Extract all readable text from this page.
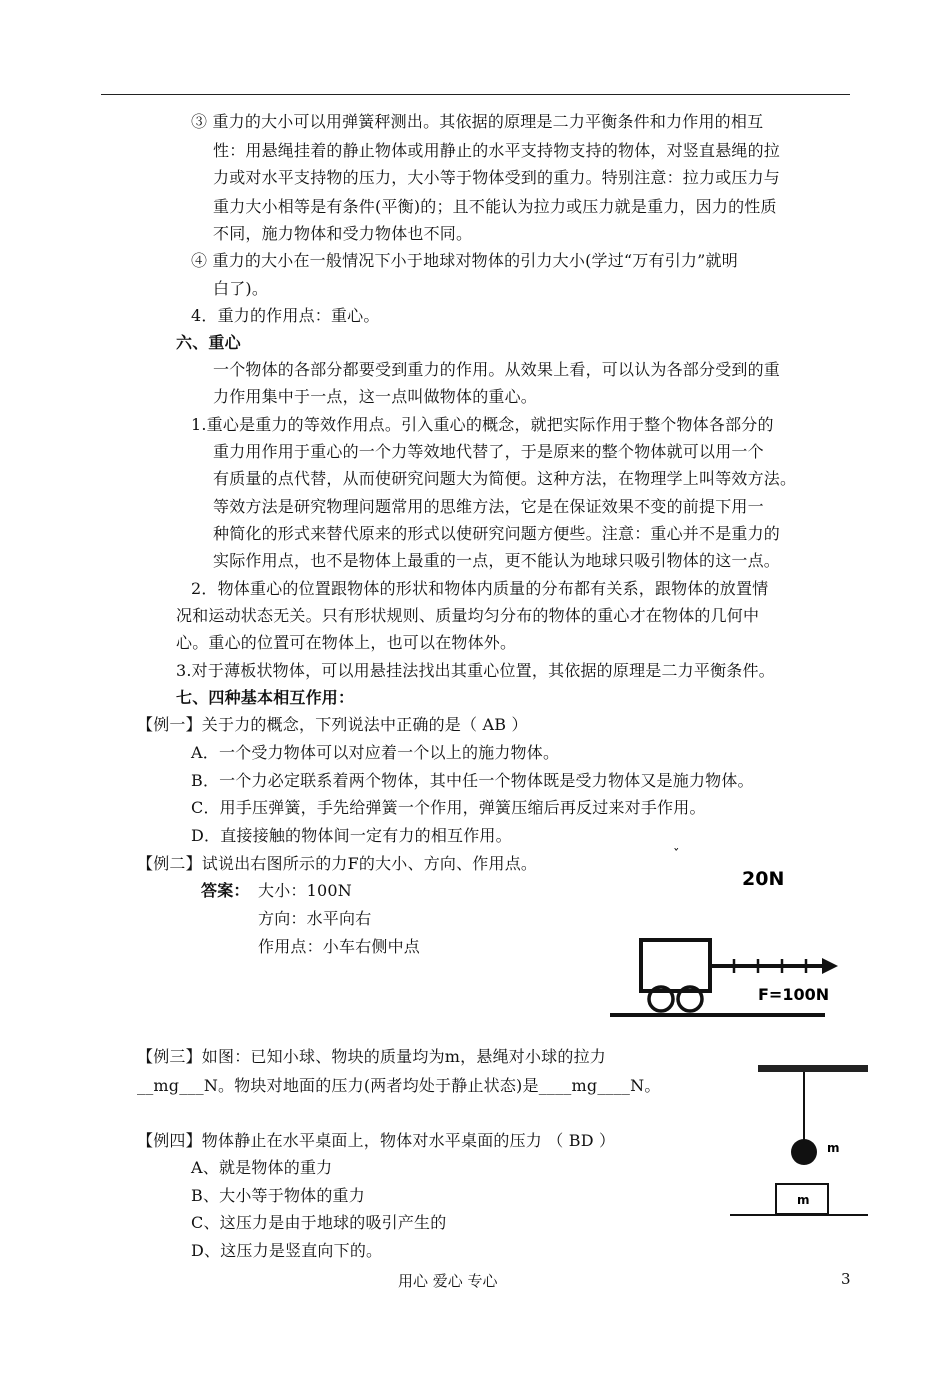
③ 重力的大小可以用弹簧秤测出。其依据的原理是二力平衡条件和力作用的相互
性：用悬绳挂着的静止物体或用静止的水平支持物支持的物体，对竖直悬绳的拉
力或对水平支持物的压力，大小等于物体受到的重力。特别注意：拉力或压力与
重力大小相等是有条件(平衡)的；且不能认为拉力或压力就是重力，因力的性质
不同，施力物体和受力物体也不同。
④ 重力的大小在一般情况下小于地球对物体的引力大小(学过“万有引力”就明
白了)。
4．重力的作用点：重心。
六、重心
一个物体的各部分都要受到重力的作用。从效果上看，可以认为各部分受到的重
力作用集中于一点，这一点叫做物体的重心。
1.重心是重力的等效作用点。引入重心的概念，就把实际作用于整个物体各部分的
重力用作用于重心的一个力等效地代替了，于是原来的整个物体就可以用一个
有质量的点代替，从而使研究问题大为简便。这种方法，在物理学上叫等效方法。
等效方法是研究物理问题常用的思维方法，它是在保证效果不变的前提下用一
种简化的形式来替代原来的形式以使研究问题方便些。注意：重心并不是重力的
实际作用点，也不是物体上最重的一点，更不能认为地球只吸引物体的这一点。
2．物体重心的位置跟物体的形状和物体内质量的分布都有关系，跟物体的放置情
况和运动状态无关。只有形状规则、质量均匀分布的物体的重心才在物体的几何中
心。重心的位置可在物体上，也可以在物体外。
3.对于薄板状物体，可以用悬挂法找出其重心位置，其依据的原理是二力平衡条件。
七、四种基本相互作用：
【例一】关于力的概念，下列说法中正确的是（ AB ）
A．一个受力物体可以对应着一个以上的施力物体。
B．一个力必定联系着两个物体，其中任一个物体既是受力物体又是施力物体。
C．用手压弹簧，手先给弹簧一个作用，弹簧压缩后再反过来对手作用。
D．直接接触的物体间一定有力的相互作用。
【例二】试说出右图所示的力F的大小、方向、作用点。
答案： 大小：100N
方向：水平向右
作用点：小车右侧中点
【例三】如图：已知小球、物块的质量均为m，悬绳对小球的拉力
__mg___N。物块对地面的压力(两者均处于静止状态)是____mg____N。
【例四】物体静止在水平桌面上，物体对水平桌面的压力 （ BD ）
A、就是物体的重力
B、大小等于物体的重力
C、这压力是由于地球的吸引产生的
D、这压力是竖直向下的。
ˇ
20N
F=100N
m
m
用心 爱心 专心	3
